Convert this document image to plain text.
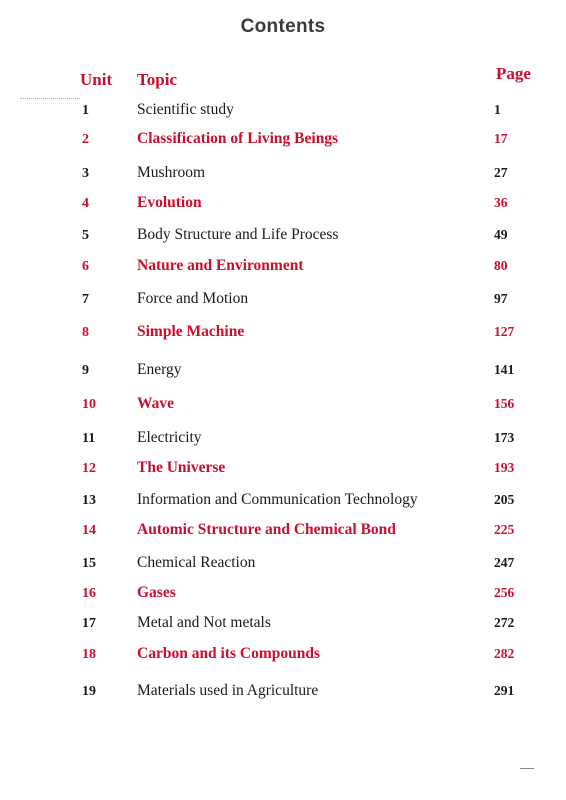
Contents
Unit Topic	Page
1	Scientific study	1
2	Classification of Living Beings	17
3	Mushroom	27
4	Evolution	36
5	Body Structure and Life Process	49
6	Nature and Environment	80
7	Force and Motion	97
8	Simple Machine	127
9	Energy	141
10	Wave	156
11	Electricity	173
12	The Universe	193
13	Information and Communication Technology	205
14	Automic Structure and Chemical Bond	225
15	Chemical Reaction	247
16	Gases	256
17	Metal and Not metals	272
18	Carbon and its Compounds	282
19	Materials used in Agriculture	291
